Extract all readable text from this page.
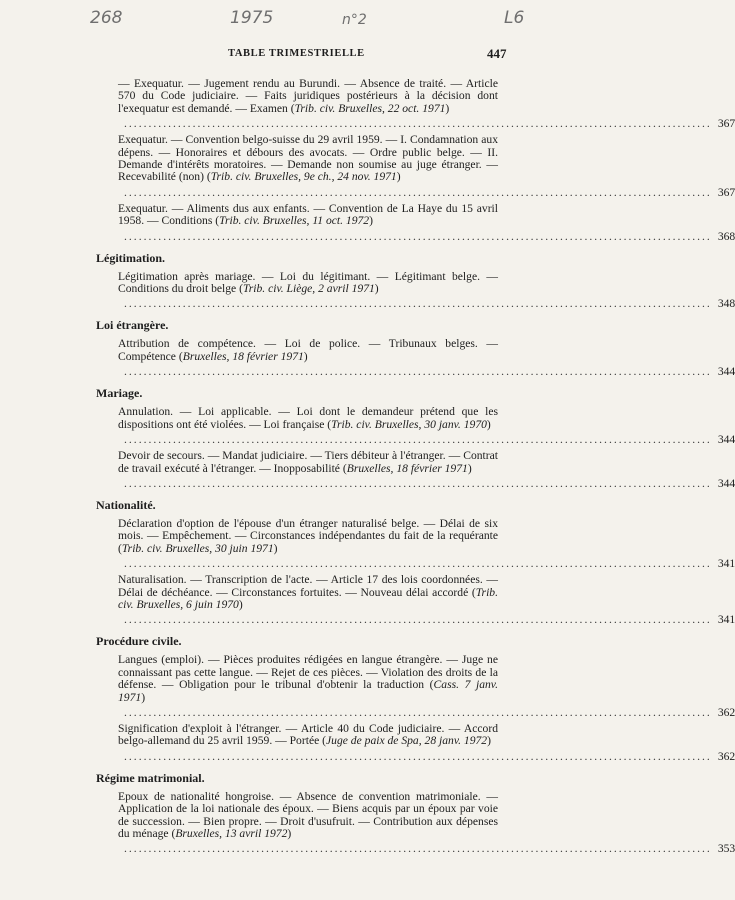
268	1975	n°2	L6
TABLE TRIMESTRIELLE	447
— Exequatur. — Jugement rendu au Burundi. — Absence de traité. — Article 570 du Code judiciaire. — Faits juridiques postérieurs à la décision dont l'exequatur est demandé. — Examen (Trib. civ. Bruxelles, 22 oct. 1971)
........................................................................................................................ 367
Exequatur. — Convention belgo-suisse du 29 avril 1959. — I. Condamnation aux dépens. — Honoraires et débours des avocats. — Ordre public belge. — II. Demande d'intérêts moratoires. — Demande non soumise au juge étranger. — Recevabilité (non) (Trib. civ. Bruxelles, 9e ch., 24 nov. 1971)
........................................................................................................................ 367
Exequatur. — Aliments dus aux enfants. — Convention de La Haye du 15 avril 1958. — Conditions (Trib. civ. Bruxelles, 11 oct. 1972)
........................................................................................................................ 368
Légitimation.
Légitimation après mariage. — Loi du légitimant. — Légitimant belge. — Conditions du droit belge (Trib. civ. Liège, 2 avril 1971)
........................................................................................................................ 348
Loi étrangère.
Attribution de compétence. — Loi de police. — Tribunaux belges. — Compétence (Bruxelles, 18 février 1971)
........................................................................................................................ 344
Mariage.
Annulation. — Loi applicable. — Loi dont le demandeur prétend que les dispositions ont été violées. — Loi française (Trib. civ. Bruxelles, 30 janv. 1970)
........................................................................................................................ 344
Devoir de secours. — Mandat judiciaire. — Tiers débiteur à l'étranger. — Contrat de travail exécuté à l'étranger. — Inopposabilité (Bruxelles, 18 février 1971)
........................................................................................................................ 344
Nationalité.
Déclaration d'option de l'épouse d'un étranger naturalisé belge. — Délai de six mois. — Empêchement. — Circonstances indépendantes du fait de la requérante (Trib. civ. Bruxelles, 30 juin 1971)
........................................................................................................................ 341
Naturalisation. — Transcription de l'acte. — Article 17 des lois coordonnées. — Délai de déchéance. — Circonstances fortuites. — Nouveau délai accordé (Trib. civ. Bruxelles, 6 juin 1970)
........................................................................................................................ 341
Procédure civile.
Langues (emploi). — Pièces produites rédigées en langue étrangère. — Juge ne connaissant pas cette langue. — Rejet de ces pièces. — Violation des droits de la défense. — Obligation pour le tribunal d'obtenir la traduction (Cass. 7 janv. 1971)
........................................................................................................................ 362
Signification d'exploit à l'étranger. — Article 40 du Code judiciaire. — Accord belgo-allemand du 25 avril 1959. — Portée (Juge de paix de Spa, 28 janv. 1972)
........................................................................................................................ 362
Régime matrimonial.
Epoux de nationalité hongroise. — Absence de convention matrimoniale. — Application de la loi nationale des époux. — Biens acquis par un époux par voie de succession. — Bien propre. — Droit d'usufruit. — Contribution aux dépenses du ménage (Bruxelles, 13 avril 1972)
........................................................................................................................ 353
